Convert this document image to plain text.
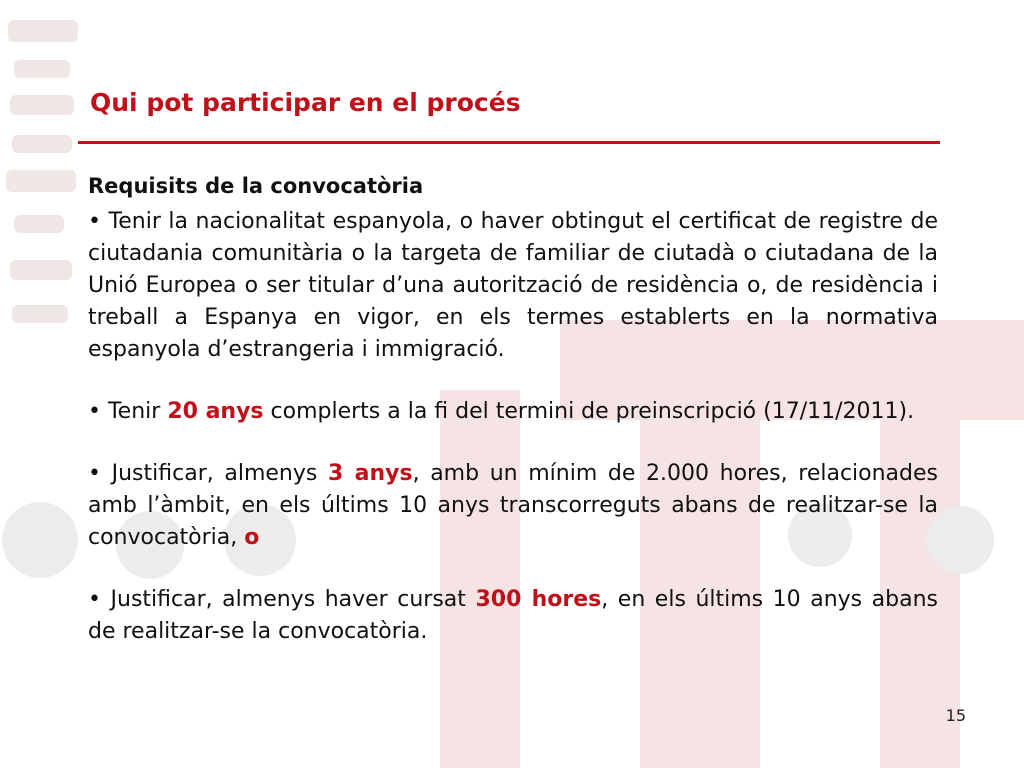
Qui pot participar en el procés

Requisits de la convocatòria

• Tenir la nacionalitat espanyola, o haver obtingut el certificat de registre de ciutadania comunitària o la targeta de familiar de ciutadà o ciutadana de la Unió Europea o ser titular d’una autorització de residència o, de residència i treball a Espanya en vigor, en els termes establerts en la normativa espanyola d’estrangeria i immigració.

• Tenir 20 anys complerts a la fi del termini de preinscripció (17/11/2011).

• Justificar, almenys 3 anys, amb un mínim de 2.000 hores, relacionades amb l’àmbit, en els últims 10 anys transcorreguts abans de realitzar-se la convocatòria, o

• Justificar, almenys haver cursat 300 hores, en els últims 10 anys abans de realitzar-se la convocatòria.

15
